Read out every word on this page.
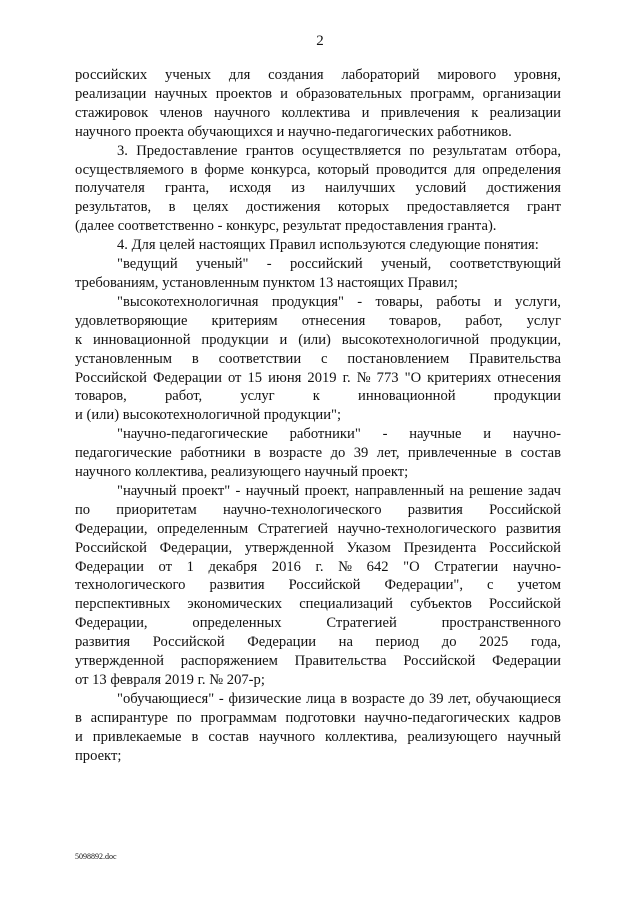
2

российских ученых для создания лабораторий мирового уровня,
реализации научных проектов и образовательных программ, организации
стажировок членов научного коллектива и привлечения к реализации
научного проекта обучающихся и научно-педагогических работников.

3. Предоставление грантов осуществляется по результатам отбора,
осуществляемого в форме конкурса, который проводится для определения
получателя гранта, исходя из наилучших условий достижения
результатов, в целях достижения которых предоставляется грант
(далее соответственно - конкурс, результат предоставления гранта).

4. Для целей настоящих Правил используются следующие понятия:

"ведущий ученый" - российский ученый, соответствующий
требованиям, установленным пунктом 13 настоящих Правил;

"высокотехнологичная продукция" - товары, работы и услуги,
удовлетворяющие критериям отнесения товаров, работ, услуг
к инновационной продукции и (или) высокотехнологичной продукции,
установленным в соответствии с постановлением Правительства
Российской Федерации от 15 июня 2019 г. № 773 "О критериях отнесения
товаров,	работ,	услуг	к	инновационной	продукции
и (или) высокотехнологичной продукции";

"научно-педагогические работники" - научные и научно-
педагогические работники в возрасте до 39 лет, привлеченные в состав
научного коллектива, реализующего научный проект;

"научный проект" - научный проект, направленный на решение задач
по приоритетам научно-технологического развития Российской
Федерации, определенным Стратегией научно-технологического развития
Российской Федерации, утвержденной Указом Президента Российской
Федерации от 1 декабря 2016 г. № 642 "О Стратегии научно-
технологического развития Российской Федерации", с учетом
перспективных экономических специализаций субъектов Российской
Федерации,	определенных	Стратегией	пространственного
развития Российской Федерации на период до 2025 года,
утвержденной распоряжением Правительства Российской Федерации
от 13 февраля 2019 г. № 207-р;

"обучающиеся" - физические лица в возрасте до 39 лет, обучающиеся
в аспирантуре по программам подготовки научно-педагогических кадров
и привлекаемые в состав научного коллектива, реализующего научный
проект;

5098892.doc
